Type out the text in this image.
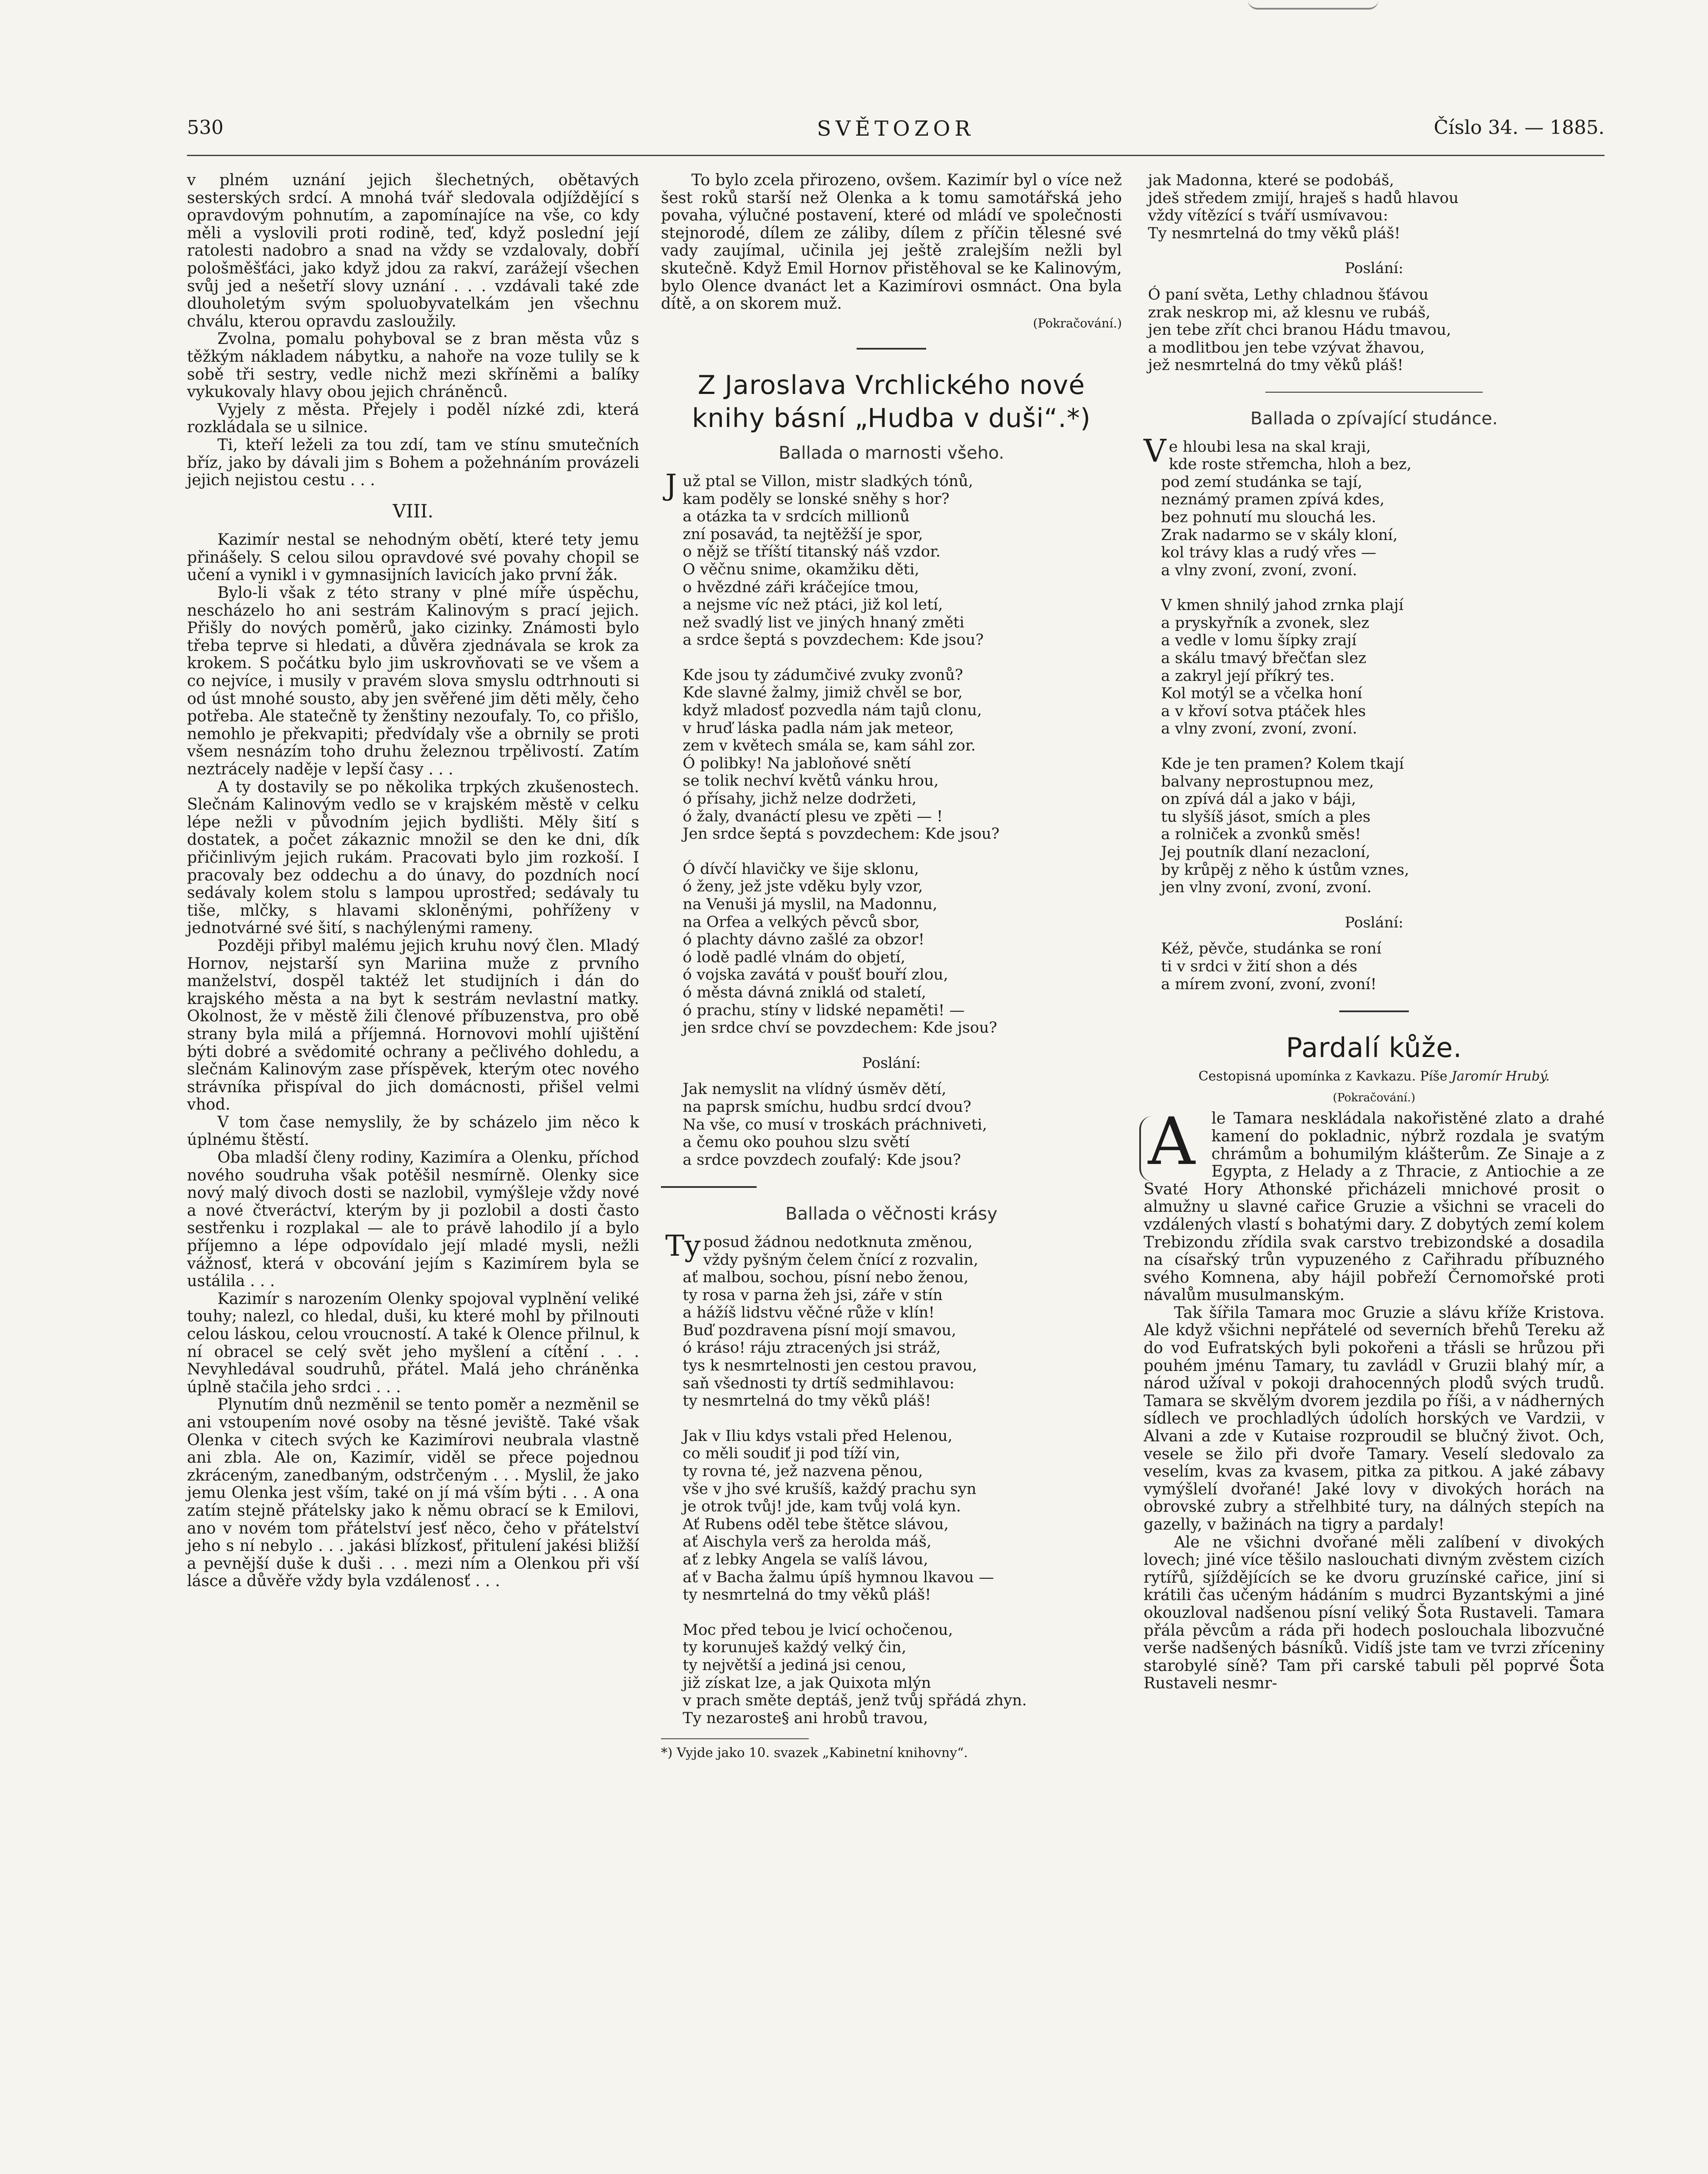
530	SVĚTOZOR	Číslo 34. — 1885.

v plném uznání jejich šlechetných, obětavých sesterských srdcí. A mnohá tvář sledovala odjíždějící s opravdovým pohnutím, a zapomínajíce na vše, co kdy měli a vyslovili proti rodině, teď, když poslední její ratolesti nadobro a snad na vždy se vzdalovaly, dobří pološměšťáci, jako když jdou za rakví, zarážejí všechen svůj jed a nešetří slovy uznání . . . vzdávali také zde dlouholetým svým spoluobyvatelkám jen všechnu chválu, kterou opravdu zasloužily.

Zvolna, pomalu pohyboval se z bran města vůz s těžkým nákladem nábytku, a nahoře na voze tulily se k sobě tři sestry, vedle nichž mezi skříněmi a balíky vykukovaly hlavy obou jejich chráněnců.

Vyjely z města. Přejely i poděl nízké zdi, která rozkládala se u silnice.

Ti, kteří leželi za tou zdí, tam ve stínu smutečních bříz, jako by dávali jim s Bohem a požehnáním provázeli jejich nejistou cestu . . .

VIII.

Kazimír nestal se nehodným obětí, které tety jemu přinášely. S celou silou opravdové své povahy chopil se učení a vynikl i v gymnasijních lavicích jako první žák.

Bylo-li však z této strany v plné míře úspěchu, nescházelo ho ani sestrám Kalinovým s prací jejich. Přišly do nových poměrů, jako cizinky. Známosti bylo třeba teprve si hledati, a důvěra zjednávala se krok za krokem. S počátku bylo jim uskrovňovati se ve všem a co nejvíce, i musily v pravém slova smyslu odtrhnouti si od úst mnohé sousto, aby jen svěřené jim děti měly, čeho potřeba. Ale statečně ty ženštiny nezoufaly. To, co přišlo, nemohlo je překvapiti; předvídaly vše a obrnily se proti všem nesnázím toho druhu železnou trpělivostí. Zatím neztrácely naděje v lepší časy . . .

A ty dostavily se po několika trpkých zkušenostech. Slečnám Kalinovým vedlo se v krajském městě v celku lépe nežli v původním jejich bydlišti. Měly šití s dostatek, a počet zákaznic množil se den ke dni, dík přičinlivým jejich rukám. Pracovati bylo jim rozkoší. I pracovaly bez oddechu a do únavy, do pozdních nocí sedávaly kolem stolu s lampou uprostřed; sedávaly tu tiše, mlčky, s hlavami skloněnými, pohříženy v jednotvárné své šití, s nachýlenými rameny.

Později přibyl malému jejich kruhu nový člen. Mladý Hornov, nejstarší syn Mariina muže z prvního manželství, dospěl taktéž let studijních i dán do krajského města a na byt k sestrám nevlastní matky. Okolnost, že v městě žili členové příbuzenstva, pro obě strany byla milá a příjemná. Hornovovi mohlí ujištění býti dobré a svědomité ochrany a pečlivého dohledu, a slečnám Kalinovým zase příspěvek, kterým otec nového strávníka přispíval do jich domácnosti, přišel velmi vhod.

V tom čase nemyslily, že by scházelo jim něco k úplnému štěstí.

Oba mladší členy rodiny, Kazimíra a Olenku, příchod nového soudruha však potěšil nesmírně. Olenky sice nový malý divoch dosti se nazlobil, vymýšleje vždy nové a nové čtveráctví, kterým by ji pozlobil a dosti často sestřenku i rozplakal — ale to právě lahodilo jí a bylo příjemno a lépe odpovídalo její mladé mysli, nežli vážnosť, která v obcování jejím s Kazimírem byla se ustálila . . .

Kazimír s narozením Olenky spojoval vyplnění veliké touhy; nalezl, co hledal, duši, ku které mohl by přilnouti celou láskou, celou vroucností. A také k Olence přilnul, k ní obracel se celý svět jeho myšlení a cítění . . . Nevyhledával soudruhů, přátel. Malá jeho chráněnka úplně stačila jeho srdci . . .

Plynutím dnů nezměnil se tento poměr a nezměnil se ani vstoupením nové osoby na těsné jeviště. Také však Olenka v citech svých ke Kazimírovi neubrala vlastně ani zbla. Ale on, Kazimír, viděl se přece pojednou zkráceným, zanedbaným, odstrčeným . . . Myslil, že jako jemu Olenka jest vším, také on jí má vším býti . . . A ona zatím stejně přátelsky jako k němu obrací se k Emilovi, ano v novém tom přátelství jesť něco, čeho v přátelství jeho s ní nebylo . . . jakási blízkosť, přitulení jakési bližší a pevnější duše k duši . . . mezi ním a Olenkou při vší lásce a důvěře vždy byla vzdálenosť . . .

To bylo zcela přirozeno, ovšem. Kazimír byl o více než šest roků starší než Olenka a k tomu samotářská jeho povaha, výlučné postavení, které od mládí ve společnosti stejnorodé, dílem ze záliby, dílem z příčin tělesné své vady zaujímal, učinila jej ještě zralejším nežli byl skutečně. Když Emil Hornov přistěhoval se ke Kalinovým, bylo Olence dvanáct let a Kazimírovi osmnáct. Ona byla dítě, a on skorem muž.

(Pokračování.)
Z Jaroslava Vrchlického nové knihy básní „Hudba v duši“.*)
Ballada o marnosti všeho.
J už ptal se Villon, mistr sladkých tónů,
kam poděly se lonské sněhy s hor?
a otázka ta v srdcích millionů
zní posavád, ta nejtěžší je spor,
o nějž se tříští titanský náš vzdor.
O věčnu snime, okamžiku děti,
o hvězdné záři kráčejíce tmou,
a nejsme víc než ptáci, již kol letí,
než svadlý list ve jiných hnaný změti
a srdce šeptá s povzdechem: Kde jsou?
Kde jsou ty zádumčivé zvuky zvonů?
Kde slavné žalmy, jimiž chvěl se bor,
když mladosť pozvedla nám tajů clonu,
v hruď láska padla nám jak meteor,
zem v květech smála se, kam sáhl zor.
Ó polibky! Na jabloňové snětí
se tolik nechví květů vánku hrou,
ó přísahy, jichž nelze dodržeti,
ó žaly, dvanáctí plesu ve zpěti — !
Jen srdce šeptá s povzdechem: Kde jsou?
Ó dívčí hlavičky ve šije sklonu,
ó ženy, jež jste vděku byly vzor,
na Venuši já myslil, na Madonnu,
na Orfea a velkých pěvců sbor,
ó plachty dávno zašlé za obzor!
ó lodě padlé vlnám do objetí,
ó vojska zavátá v poušť bouří zlou,
ó města dávná zniklá od staletí,
ó prachu, stíny v lidské nepaměti! —
jen srdce chví se povzdechem: Kde jsou?
Poslání:
Jak nemyslit na vlídný úsměv dětí,
na paprsk smíchu, hudbu srdcí dvou?
Na vše, co musí v troskách práchniveti,
a čemu oko pouhou slzu světí
a srdce povzdech zoufalý: Kde jsou?
Ballada o věčnosti krásy
Ty posud žádnou nedotknuta změnou,
vždy pyšným čelem čnící z rozvalin,
ať malbou, sochou, písní nebo ženou,
ty rosa v parna žeh jsi, záře v stín
a hážíš lidstvu věčné růže v klín!
Buď pozdravena písní mojí smavou,
ó kráso! ráju ztracených jsi stráž,
tys k nesmrtelnosti jen cestou pravou,
saň všednosti ty drtíš sedmihlavou:
ty nesmrtelná do tmy věků pláš!
Jak v Iliu kdys vstali před Helenou,
co měli soudiť ji pod tíží vin,
ty rovna té, jež nazvena pěnou,
vše v jho své krušíš, každý prachu syn
je otrok tvůj! jde, kam tvůj volá kyn.
Ať Rubens oděl tebe štětce slávou,
ať Aischyla verš za herolda máš,
ať z lebky Angela se valíš lávou,
ať v Bacha žalmu úpíš hymnou lkavou —
ty nesmrtelná do tmy věků pláš!
Moc před tebou je lvicí ochočenou,
ty korunuješ každý velký čin,
ty největší a jediná jsi cenou,
již získat lze, a jak Quixota mlýn
v prach směte deptáš, jenž tvůj spřádá zhyn.
Ty nezaroste§ ani hrobů travou,
*) Vyjde jako 10. svazek „Kabinetní knihovny“.
jak Madonna, které se podobáš,
jdeš středem zmijí, hraješ s hadů hlavou
vždy vítězící s tváří usmívavou:
Ty nesmrtelná do tmy věků pláš!
Poslání:
Ó paní světa, Lethy chladnou šťávou
zrak neskrop mi, až klesnu ve rubáš,
jen tebe zřít chci branou Hádu tmavou,
a modlitbou jen tebe vzývat žhavou,
jež nesmrtelná do tmy věků pláš!
Ballada o zpívající studánce.
V e hloubi lesa na skal kraji,
kde roste střemcha, hloh a bez,
pod zemí studánka se tají,
neznámý pramen zpívá kdes,
bez pohnutí mu slouchá les.
Zrak nadarmo se v skály kloní,
kol trávy klas a rudý vřes —
a vlny zvoní, zvoní, zvoní.
V kmen shnilý jahod zrnka plají
a pryskyřník a zvonek, slez
a vedle v lomu šípky zrají
a skálu tmavý břečťan slez
a zakryl její příkrý tes.
Kol motýl se a včelka honí
a v křoví sotva ptáček hles
a vlny zvoní, zvoní, zvoní.
Kde je ten pramen? Kolem tkají
balvany neprostupnou mez,
on zpívá dál a jako v báji,
tu slyšíš jásot, smích a ples
a rolniček a zvonků směs!
Jej poutník dlaní nezacloní,
by krůpěj z něho k ústům vznes,
jen vlny zvoní, zvoní, zvoní.
Poslání:
Kéž, pěvče, studánka se roní
ti v srdci v žití shon a dés
a mírem zvoní, zvoní, zvoní!
Pardalí kůže.
Cestopisná upomínka z Kavkazu. Píše Jaromír Hrubý.
(Pokračování.)
A	le Tamara neskládala nakořistěné zlato a drahé kamení do pokladnic, nýbrž rozdala je svatým chrámům a bohumilým klášterům. Ze Sinaje a z Egypta, z Helady a z Thracie, z Antiochie a ze Svaté Hory Athonské přicházeli mnichové prosit o almužny u slavné cařice Gruzie a všichni se vraceli do vzdálených vlastí s bohatými dary. Z dobytých zemí kolem Trebizondu zřídila svak carstvo trebizondské a dosadila na císařský trůn vypuzeného z Cařihradu příbuzného svého Komnena, aby hájil pobřeží Černomořské proti návalům musulmanským.

Tak šířila Tamara moc Gruzie a slávu kříže Kristova. Ale když všichni nepřátelé od severních břehů Tereku až do vod Eufratských byli pokořeni a třásli se hrůzou při pouhém jménu Tamary, tu zavládl v Gruzii blahý mír, a národ užíval v pokoji drahocenných plodů svých trudů. Tamara se skvělým dvorem jezdila po říši, a v nádherných sídlech ve prochladlých údolích horských ve Vardzii, v Alvani a zde v Kutaise rozproudil se blučný život. Och, vesele se žilo při dvoře Tamary. Veselí sledovalo za veselím, kvas za kvasem, pitka za pitkou. A jaké zábavy vymýšlelí dvořané! Jaké lovy v divokých horách na obrovské zubry a střelhbité tury, na dálných stepích na gazelly, v bažinách na tigry a pardaly!

Ale ne všichni dvořané měli zalíbení v divokých lovech; jiné více těšilo naslouchati divným zvěstem cizích rytířů, sjíždějících se ke dvoru gruzínské cařice, jiní si krátili čas učeným hádáním s mudrci Byzantskými a jiné okouzloval nadšenou písní veliký Šota Rustaveli. Tamara přála pěvcům a ráda při hodech poslouchala libozvučné verše nadšených básníků. Vidíš jste tam ve tvrzi zříceniny starobylé síně? Tam při carské tabuli pěl poprvé Šota Rustaveli nesmr-
